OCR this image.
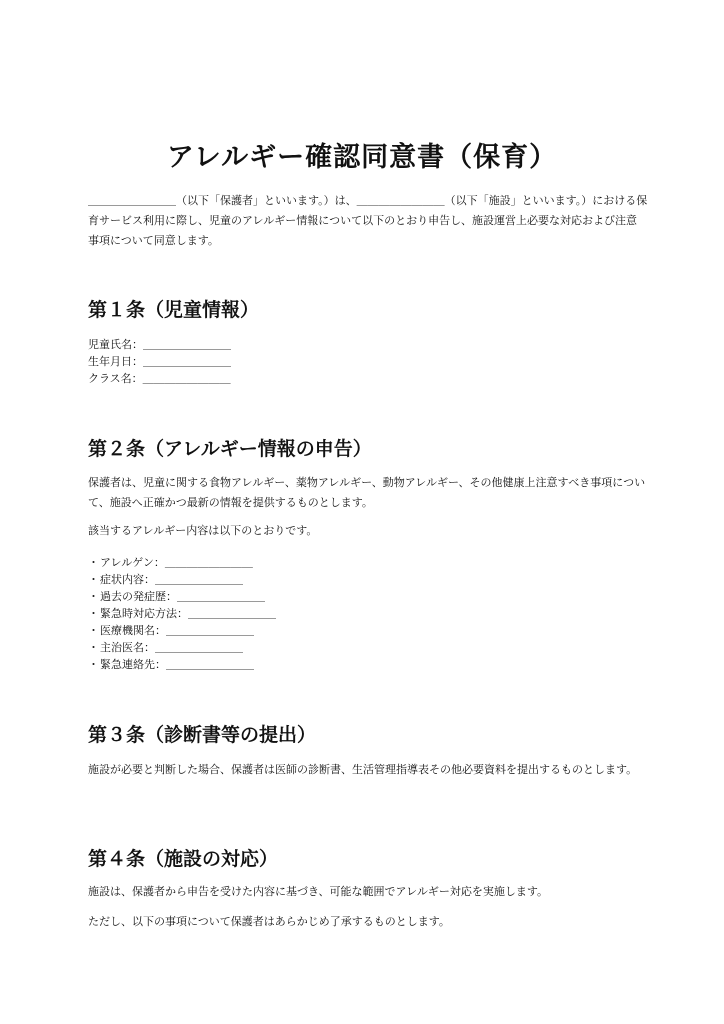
アレルギー確認同意書（保育）

＿＿＿＿＿＿＿＿（以下「保護者」といいます。）は、＿＿＿＿＿＿＿＿（以下「施設」といいます。）における保育サービス利用に際し、児童のアレルギー情報について以下のとおり申告し、施設運営上必要な対応および注意事項について同意します。

第１条（児童情報）

児童氏名：＿＿＿＿＿＿＿＿

生年月日：＿＿＿＿＿＿＿＿

クラス名：＿＿＿＿＿＿＿＿

第２条（アレルギー情報の申告）

保護者は、児童に関する食物アレルギー、薬物アレルギー、動物アレルギー、その他健康上注意すべき事項について、施設へ正確かつ最新の情報を提供するものとします。

該当するアレルギー内容は以下のとおりです。

・アレルゲン：＿＿＿＿＿＿＿＿
・症状内容：＿＿＿＿＿＿＿＿
・過去の発症歴：＿＿＿＿＿＿＿＿
・緊急時対応方法：＿＿＿＿＿＿＿＿
・医療機関名：＿＿＿＿＿＿＿＿
・主治医名：＿＿＿＿＿＿＿＿
・緊急連絡先：＿＿＿＿＿＿＿＿
第３条（診断書等の提出）

施設が必要と判断した場合、保護者は医師の診断書、生活管理指導表その他必要資料を提出するものとします。

第４条（施設の対応）

施設は、保護者から申告を受けた内容に基づき、可能な範囲でアレルギー対応を実施します。

ただし、以下の事項について保護者はあらかじめ了承するものとします。
